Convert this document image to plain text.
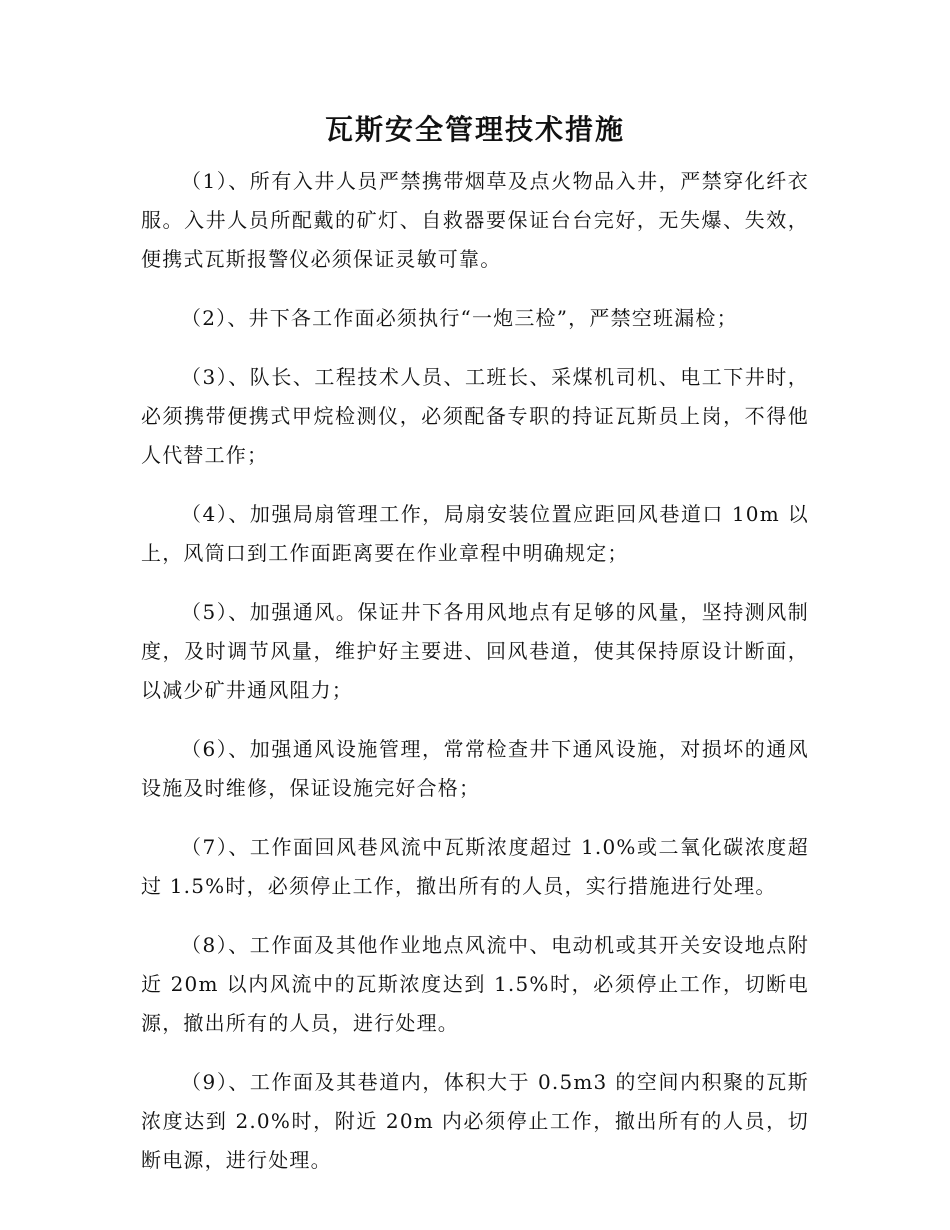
瓦斯安全管理技术措施

（1）、所有入井人员严禁携带烟草及点火物品入井，严禁穿化纤衣服。入井人员所配戴的矿灯、自救器要保证台台完好，无失爆、失效，便携式瓦斯报警仪必须保证灵敏可靠。

（2）、井下各工作面必须执行“一炮三检”，严禁空班漏检；

（3）、队长、工程技术人员、工班长、采煤机司机、电工下井时，必须携带便携式甲烷检测仪，必须配备专职的持证瓦斯员上岗，不得他人代替工作；

（4）、加强局扇管理工作，局扇安装位置应距回风巷道口 10m 以上，风筒口到工作面距离要在作业章程中明确规定；

（5）、加强通风。保证井下各用风地点有足够的风量，坚持测风制度，及时调节风量，维护好主要进、回风巷道，使其保持原设计断面，以减少矿井通风阻力；

（6）、加强通风设施管理，常常检查井下通风设施，对损坏的通风设施及时维修，保证设施完好合格；

（7）、工作面回风巷风流中瓦斯浓度超过 1.0%或二氧化碳浓度超过 1.5%时，必须停止工作，撤出所有的人员，实行措施进行处理。

（8）、工作面及其他作业地点风流中、电动机或其开关安设地点附近 20m 以内风流中的瓦斯浓度达到 1.5%时，必须停止工作，切断电源，撤出所有的人员，进行处理。

（9）、工作面及其巷道内，体积大于 0.5m3 的空间内积聚的瓦斯浓度达到 2.0%时，附近 20m 内必须停止工作，撤出所有的人员，切断电源，进行处理。
